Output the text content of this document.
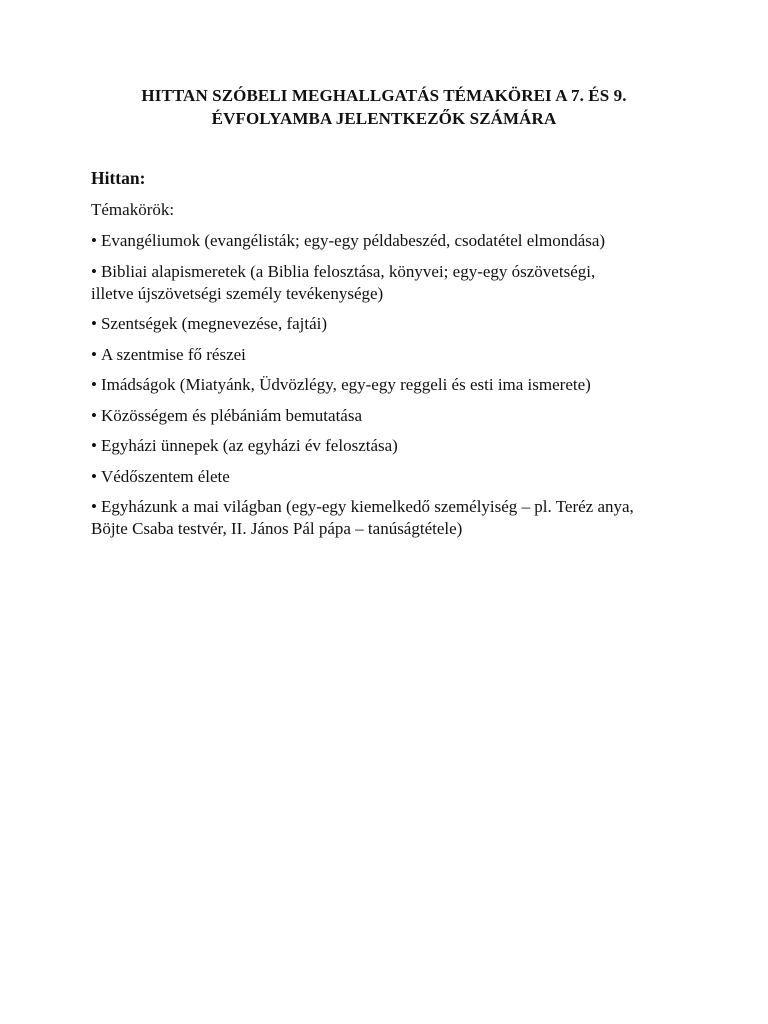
HITTAN SZÓBELI MEGHALLGATÁS TÉMAKÖREI A 7. ÉS 9.
ÉVFOLYAMBA JELENTKEZŐK SZÁMÁRA
Hittan:
Témakörök:
• Evangéliumok (evangélisták; egy-egy példabeszéd, csodatétel elmondása)
• Bibliai alapismeretek (a Biblia felosztása, könyvei; egy-egy ószövetségi,
illetve újszövetségi személy tevékenysége)
• Szentségek (megnevezése, fajtái)
• A szentmise fő részei
• Imádságok (Miatyánk, Üdvözlégy, egy-egy reggeli és esti ima ismerete)
• Közösségem és plébániám bemutatása
• Egyházi ünnepek (az egyházi év felosztása)
• Védőszentem élete
• Egyházunk a mai világban (egy-egy kiemelkedő személyiség – pl. Teréz anya,
Böjte Csaba testvér, II. János Pál pápa – tanúságtétele)
